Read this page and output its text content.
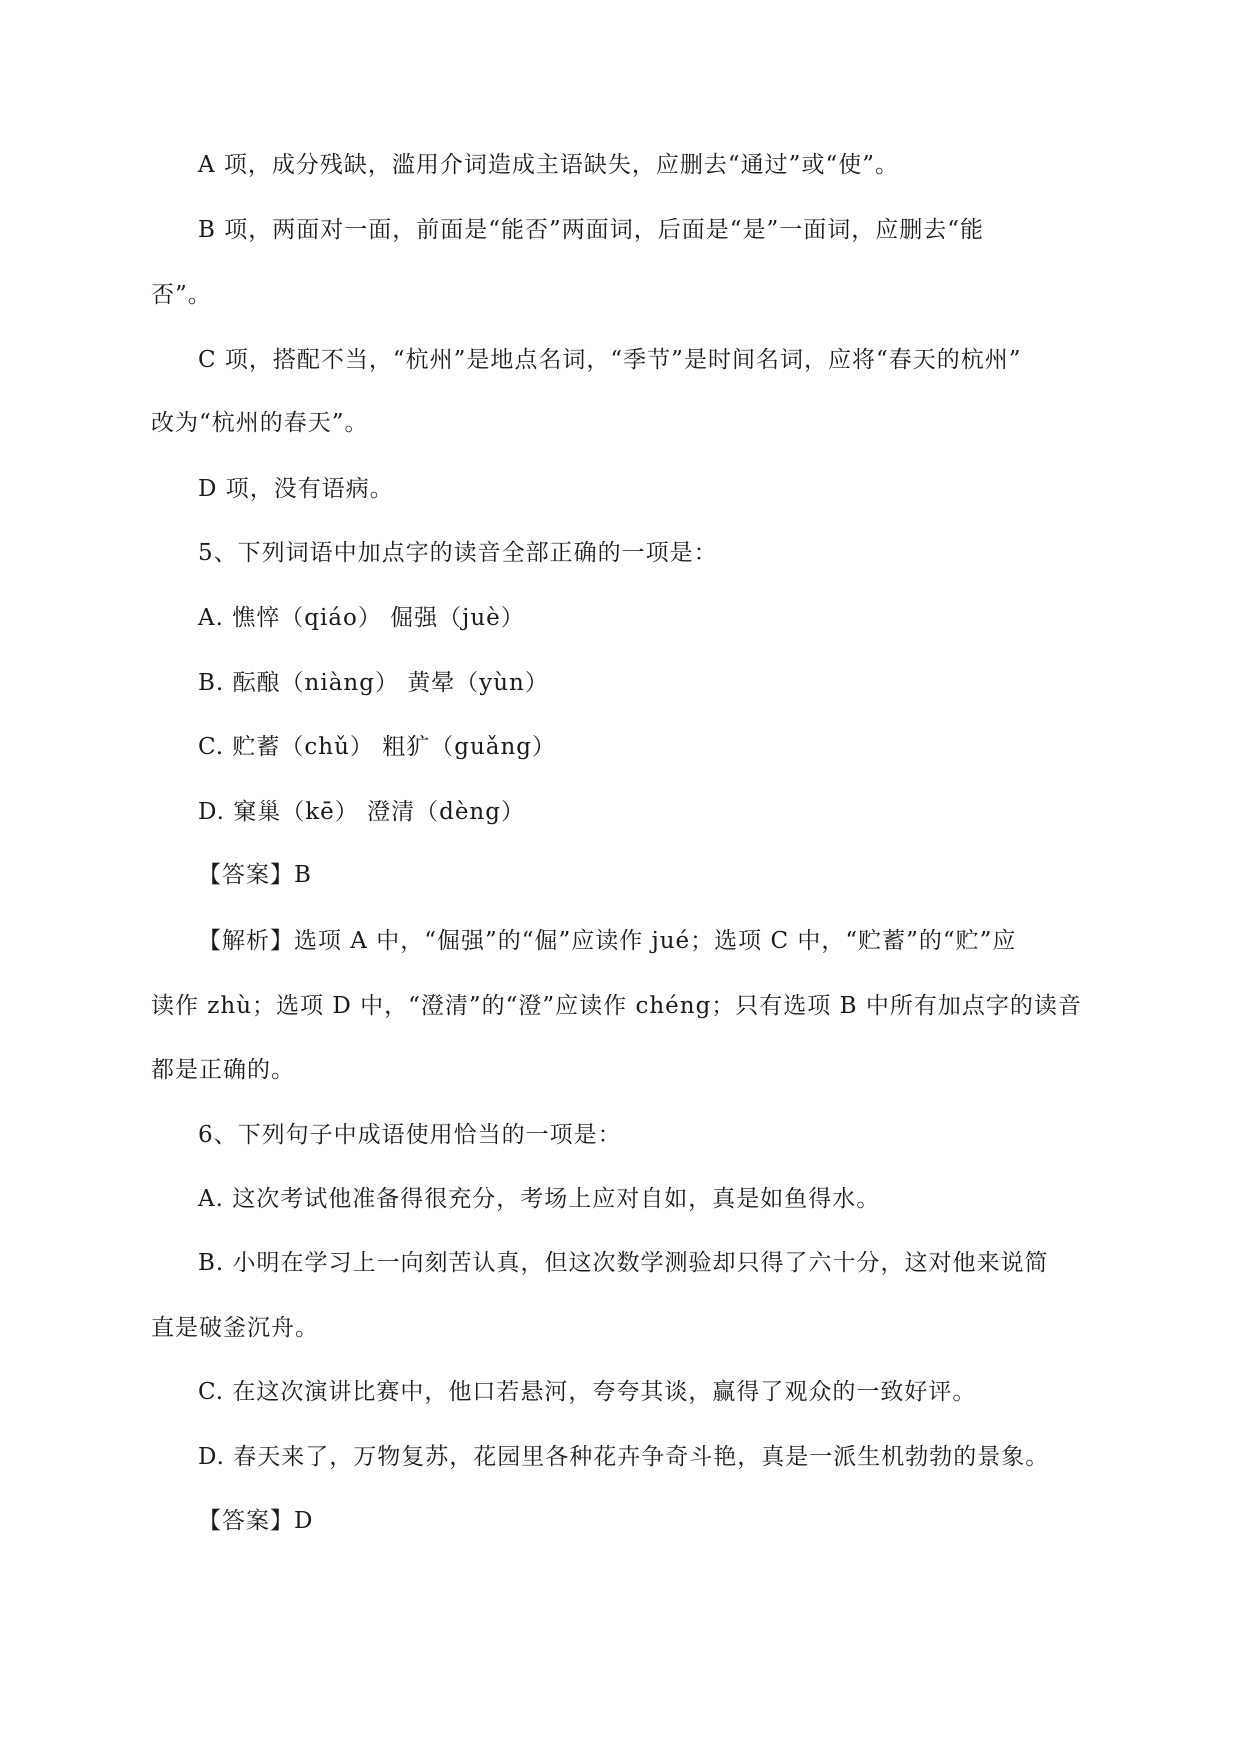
A 项，成分残缺，滥用介词造成主语缺失，应删去“通过”或“使”。
B 项，两面对一面，前面是“能否”两面词，后面是“是”一面词，应删去“能
否”。
C 项，搭配不当，“杭州”是地点名词，“季节”是时间名词，应将“春天的杭州”
改为“杭州的春天”。
D 项，没有语病。
5、下列词语中加点字的读音全部正确的一项是：
A. 憔悴（qiáo） 倔强（juè）
B. 酝酿（niàng） 黄晕（yùn）
C. 贮蓄（chǔ） 粗犷（guǎng）
D. 窠巢（kē） 澄清（dèng）
【答案】B
【解析】选项 A 中，“倔强”的“倔”应读作 jué；选项 C 中，“贮蓄”的“贮”应
读作 zhù；选项 D 中，“澄清”的“澄”应读作 chéng；只有选项 B 中所有加点字的读音
都是正确的。
6、下列句子中成语使用恰当的一项是：
A. 这次考试他准备得很充分，考场上应对自如，真是如鱼得水。
B. 小明在学习上一向刻苦认真，但这次数学测验却只得了六十分，这对他来说简
直是破釜沉舟。
C. 在这次演讲比赛中，他口若悬河，夸夸其谈，赢得了观众的一致好评。
D. 春天来了，万物复苏，花园里各种花卉争奇斗艳，真是一派生机勃勃的景象。
【答案】D
